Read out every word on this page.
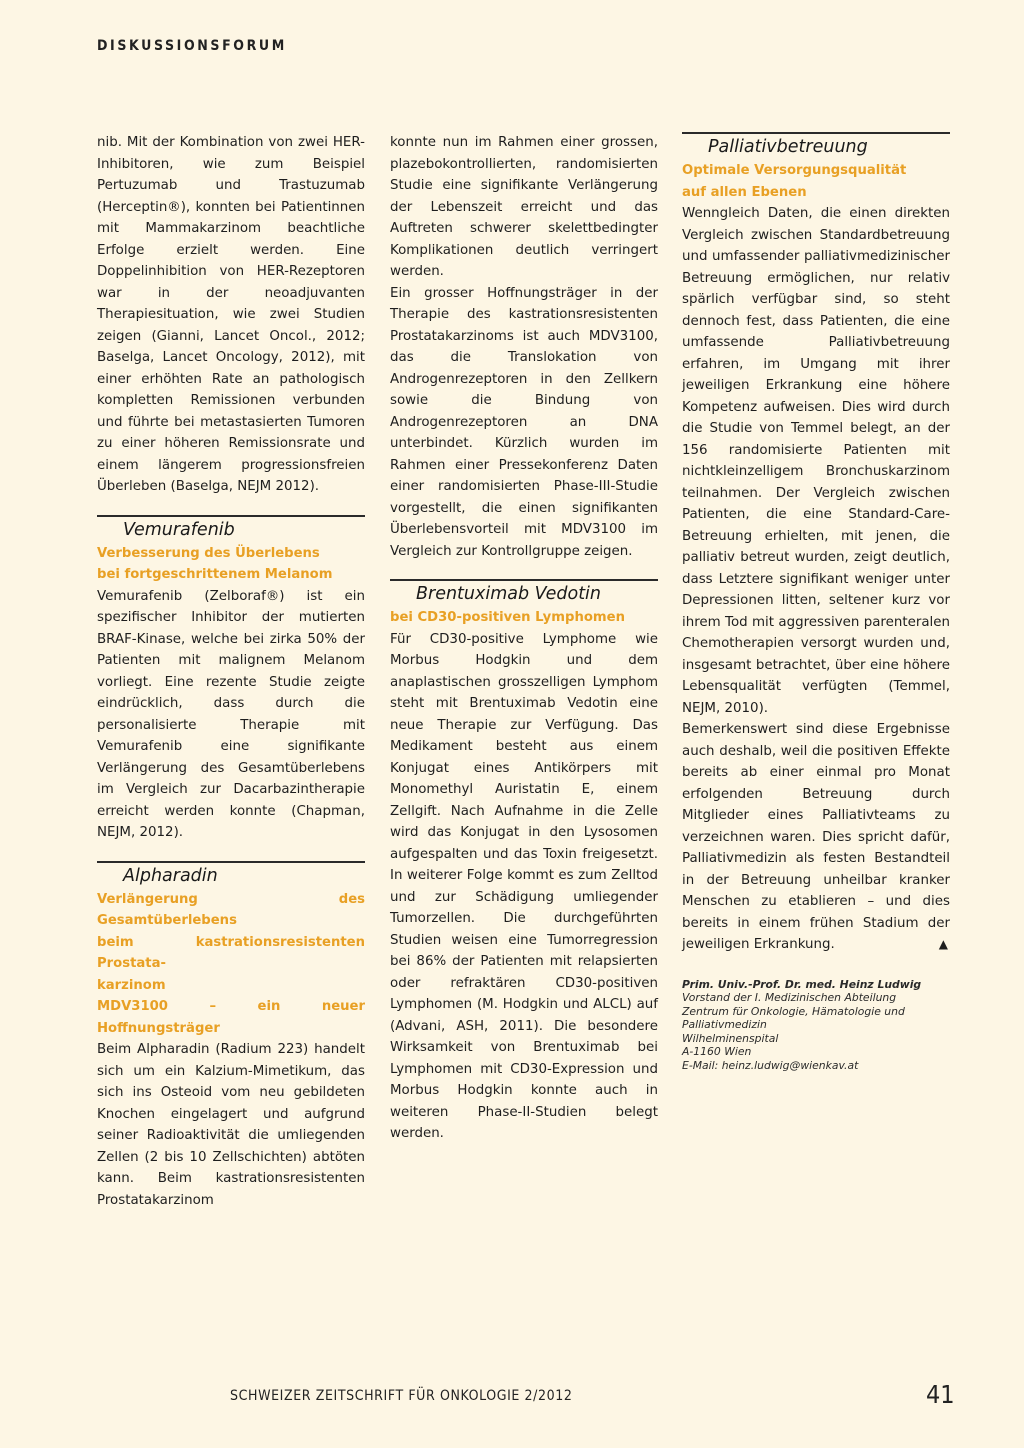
DISKUSSIONSFORUM

nib. Mit der Kombination von zwei HER-Inhibitoren, wie zum Beispiel Pertuzumab und Trastuzumab (Herceptin®), konnten bei Patientinnen mit Mammakarzinom beachtliche Erfolge erzielt werden. Eine Doppelinhibition von HER-Rezeptoren war in der neoadjuvanten Therapiesituation, wie zwei Studien zeigen (Gianni, Lancet Oncol., 2012; Baselga, Lancet Oncology, 2012), mit einer erhöhten Rate an pathologisch kompletten Remissionen verbunden und führte bei metastasierten Tumoren zu einer höheren Remissionsrate und einem längerem progressionsfreien Überleben (Baselga, NEJM 2012).

Vemurafenib

Verbesserung des Überlebens

bei fortgeschrittenem Melanom

Vemurafenib (Zelboraf®) ist ein spezifischer Inhibitor der mutierten BRAF-Kinase, welche bei zirka 50% der Patienten mit malignem Melanom vorliegt. Eine rezente Studie zeigte eindrücklich, dass durch die personalisierte Therapie mit Vemurafenib eine signifikante Verlängerung des Gesamtüberlebens im Vergleich zur Dacarbazintherapie erreicht werden konnte (Chapman, NEJM, 2012).

Alpharadin

Verlängerung des Gesamtüberlebens

beim kastrationsresistenten Prostata-

karzinom

MDV3100 – ein neuer Hoffnungsträger

Beim Alpharadin (Radium 223) handelt sich um ein Kalzium-Mimetikum, das sich ins Osteoid vom neu gebildeten Knochen eingelagert und aufgrund seiner Radioaktivität die umliegenden Zellen (2 bis 10 Zellschichten) abtöten kann. Beim kastrationsresistenten Prostatakarzinom

konnte nun im Rahmen einer grossen, plazebokontrollierten, randomisierten Studie eine signifikante Verlängerung der Lebenszeit erreicht und das Auftreten schwerer skelettbedingter Komplikationen deutlich verringert werden.

Ein grosser Hoffnungsträger in der Therapie des kastrationsresistenten Prostatakarzinoms ist auch MDV3100, das die Translokation von Androgenrezeptoren in den Zellkern sowie die Bindung von Androgenrezeptoren an DNA unterbindet. Kürzlich wurden im Rahmen einer Pressekonferenz Daten einer randomisierten Phase-III-Studie vorgestellt, die einen signifikanten Überlebensvorteil mit MDV3100 im Vergleich zur Kontrollgruppe zeigen.

Brentuximab Vedotin

bei CD30-positiven Lymphomen

Für CD30-positive Lymphome wie Morbus Hodgkin und dem anaplastischen grosszelligen Lymphom steht mit Brentuximab Vedotin eine neue Therapie zur Verfügung. Das Medikament besteht aus einem Konjugat eines Antikörpers mit Monomethyl Auristatin E, einem Zellgift. Nach Aufnahme in die Zelle wird das Konjugat in den Lysosomen aufgespalten und das Toxin freigesetzt. In weiterer Folge kommt es zum Zelltod und zur Schädigung umliegender Tumorzellen. Die durchgeführten Studien weisen eine Tumorregression bei 86% der Patienten mit relapsierten oder refraktären CD30-positiven Lymphomen (M. Hodgkin und ALCL) auf (Advani, ASH, 2011). Die besondere Wirksamkeit von Brentuximab bei Lymphomen mit CD30-Expression und Morbus Hodgkin konnte auch in weiteren Phase-II-Studien belegt werden.

Palliativbetreuung

Optimale Versorgungsqualität

auf allen Ebenen

Wenngleich Daten, die einen direkten Vergleich zwischen Standardbetreuung und umfassender palliativmedizinischer Betreuung ermöglichen, nur relativ spärlich verfügbar sind, so steht dennoch fest, dass Patienten, die eine umfassende Palliativbetreuung erfahren, im Umgang mit ihrer jeweiligen Erkrankung eine höhere Kompetenz aufweisen. Dies wird durch die Studie von Temmel belegt, an der 156 randomisierte Patienten mit nichtkleinzelligem Bronchuskarzinom teilnahmen. Der Vergleich zwischen Patienten, die eine Standard-Care-Betreuung erhielten, mit jenen, die palliativ betreut wurden, zeigt deutlich, dass Letztere signifikant weniger unter Depressionen litten, seltener kurz vor ihrem Tod mit aggressiven parenteralen Chemotherapien versorgt wurden und, insgesamt betrachtet, über eine höhere Lebensqualität verfügten (Temmel, NEJM, 2010).

Bemerkenswert sind diese Ergebnisse auch deshalb, weil die positiven Effekte bereits ab einer einmal pro Monat erfolgenden Betreuung durch Mitglieder eines Palliativteams zu verzeichnen waren. Dies spricht dafür, Palliativmedizin als festen Bestandteil in der Betreuung unheilbar kranker Menschen zu etablieren – und dies bereits in einem frühen Stadium der jeweiligen Erkrankung.	▲

Prim. Univ.-Prof. Dr. med. Heinz Ludwig
Vorstand der I. Medizinischen Abteilung
Zentrum für Onkologie, Hämatologie und
Palliativmedizin
Wilhelminenspital
A-1160 Wien
E-Mail: heinz.ludwig@wienkav.at
SCHWEIZER ZEITSCHRIFT FÜR ONKOLOGIE 2/2012	41
